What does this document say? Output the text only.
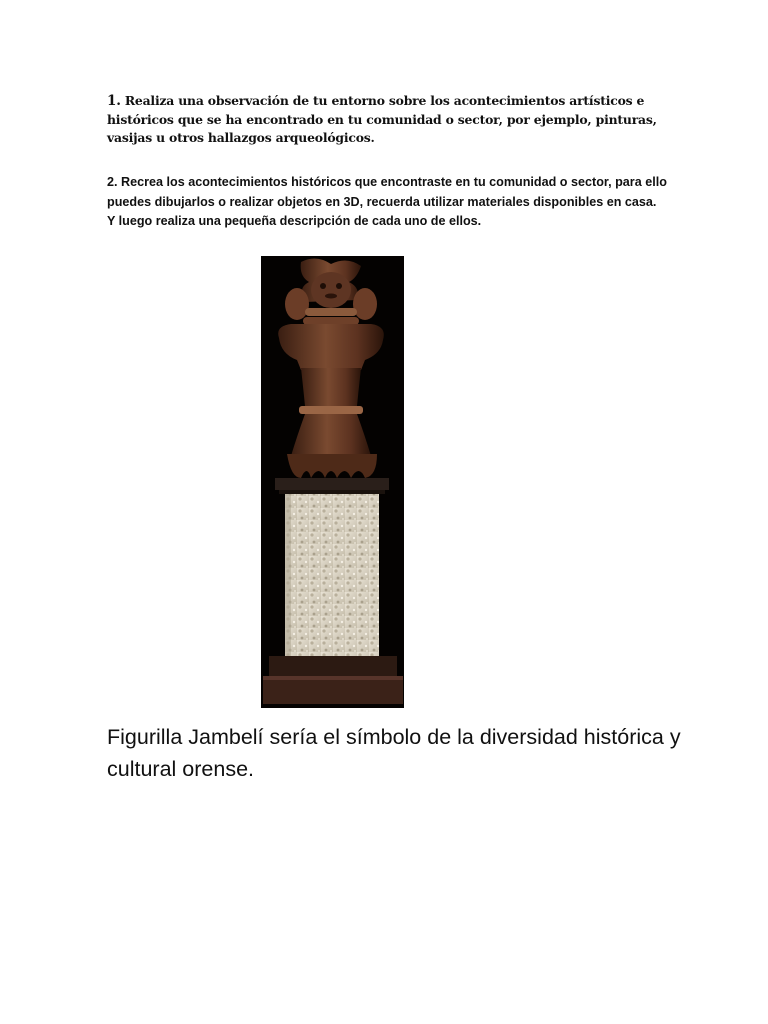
1. Realiza una observación de tu entorno sobre los acontecimientos artísticos e históricos que se ha encontrado en tu comunidad o sector, por ejemplo, pinturas, vasijas u otros hallazgos arqueológicos.
2. Recrea los acontecimientos históricos que encontraste en tu comunidad o sector, para ello puedes dibujarlos o realizar objetos en 3D, recuerda utilizar materiales disponibles en casa. Y luego realiza una pequeña descripción de cada uno de ellos.
Figurilla Jambelí sería el símbolo de la diversidad histórica y cultural orense.
